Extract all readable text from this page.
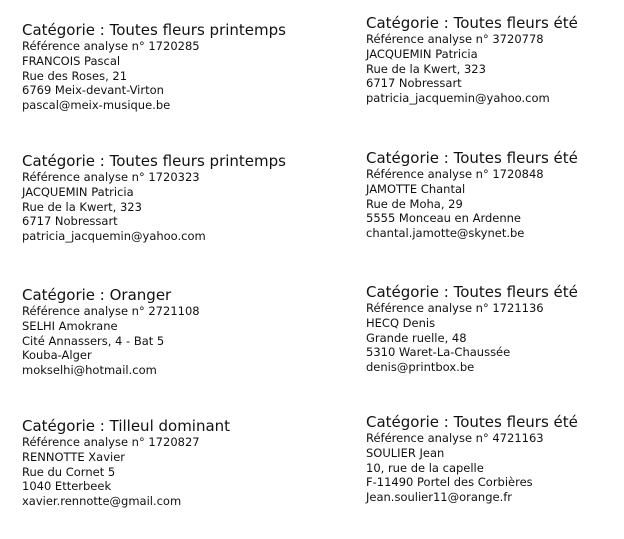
Catégorie : Toutes fleurs printemps
Référence analyse n° 1720285
FRANCOIS Pascal
Rue des Roses, 21
6769 Meix-devant-Virton
pascal@meix-musique.be
Catégorie : Toutes fleurs printemps
Référence analyse n° 1720323
JACQUEMIN Patricia
Rue de la Kwert, 323
6717 Nobressart
patricia_jacquemin@yahoo.com
Catégorie : Oranger
Référence analyse n° 2721108
SELHI Amokrane
Cité Annassers, 4 - Bat 5
Kouba-Alger
mokselhi@hotmail.com
Catégorie : Tilleul dominant
Référence analyse n° 1720827
RENNOTTE Xavier
Rue du Cornet 5
1040 Etterbeek
xavier.rennotte@gmail.com
Catégorie : Toutes fleurs été
Référence analyse n° 3720778
JACQUEMIN Patricia
Rue de la Kwert, 323
6717 Nobressart
patricia_jacquemin@yahoo.com
Catégorie : Toutes fleurs été
Référence analyse n° 1720848
JAMOTTE Chantal
Rue de Moha, 29
5555 Monceau en Ardenne
chantal.jamotte@skynet.be
Catégorie : Toutes fleurs été
Référence analyse n° 1721136
HECQ Denis
Grande ruelle, 48
5310 Waret-La-Chaussée
denis@printbox.be
Catégorie : Toutes fleurs été
Référence analyse n° 4721163
SOULIER Jean
10, rue de la capelle
F-11490 Portel des Corbières
Jean.soulier11@orange.fr
